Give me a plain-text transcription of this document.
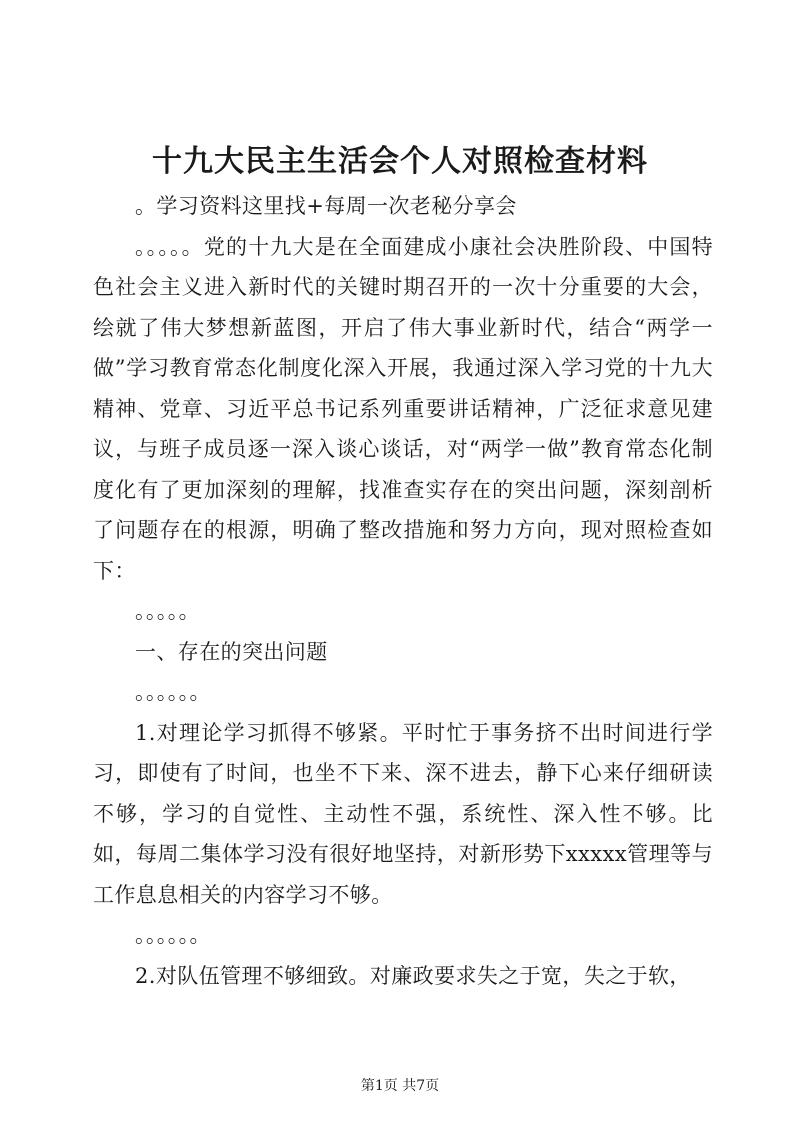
十九大民主生活会个人对照检查材料

。学习资料这里找+每周一次老秘分享会

。。。。。党的十九大是在全面建成小康社会决胜阶段、中国特色社会主义进入新时代的关键时期召开的一次十分重要的大会，绘就了伟大梦想新蓝图，开启了伟大事业新时代，结合“两学一做”学习教育常态化制度化深入开展，我通过深入学习党的十九大精神、党章、习近平总书记系列重要讲话精神，广泛征求意见建议，与班子成员逐一深入谈心谈话，对“两学一做”教育常态化制度化有了更加深刻的理解，找准查实存在的突出问题，深刻剖析了问题存在的根源，明确了整改措施和努力方向，现对照检查如下：

。。。。。

一、存在的突出问题

。。。。。。

1.对理论学习抓得不够紧。平时忙于事务挤不出时间进行学习，即使有了时间，也坐不下来、深不进去，静下心来仔细研读不够，学习的自觉性、主动性不强，系统性、深入性不够。比如，每周二集体学习没有很好地坚持，对新形势下xxxxx管理等与工作息息相关的内容学习不够。

。。。。。。

2.对队伍管理不够细致。对廉政要求失之于宽，失之于软，

第1页 共7页
